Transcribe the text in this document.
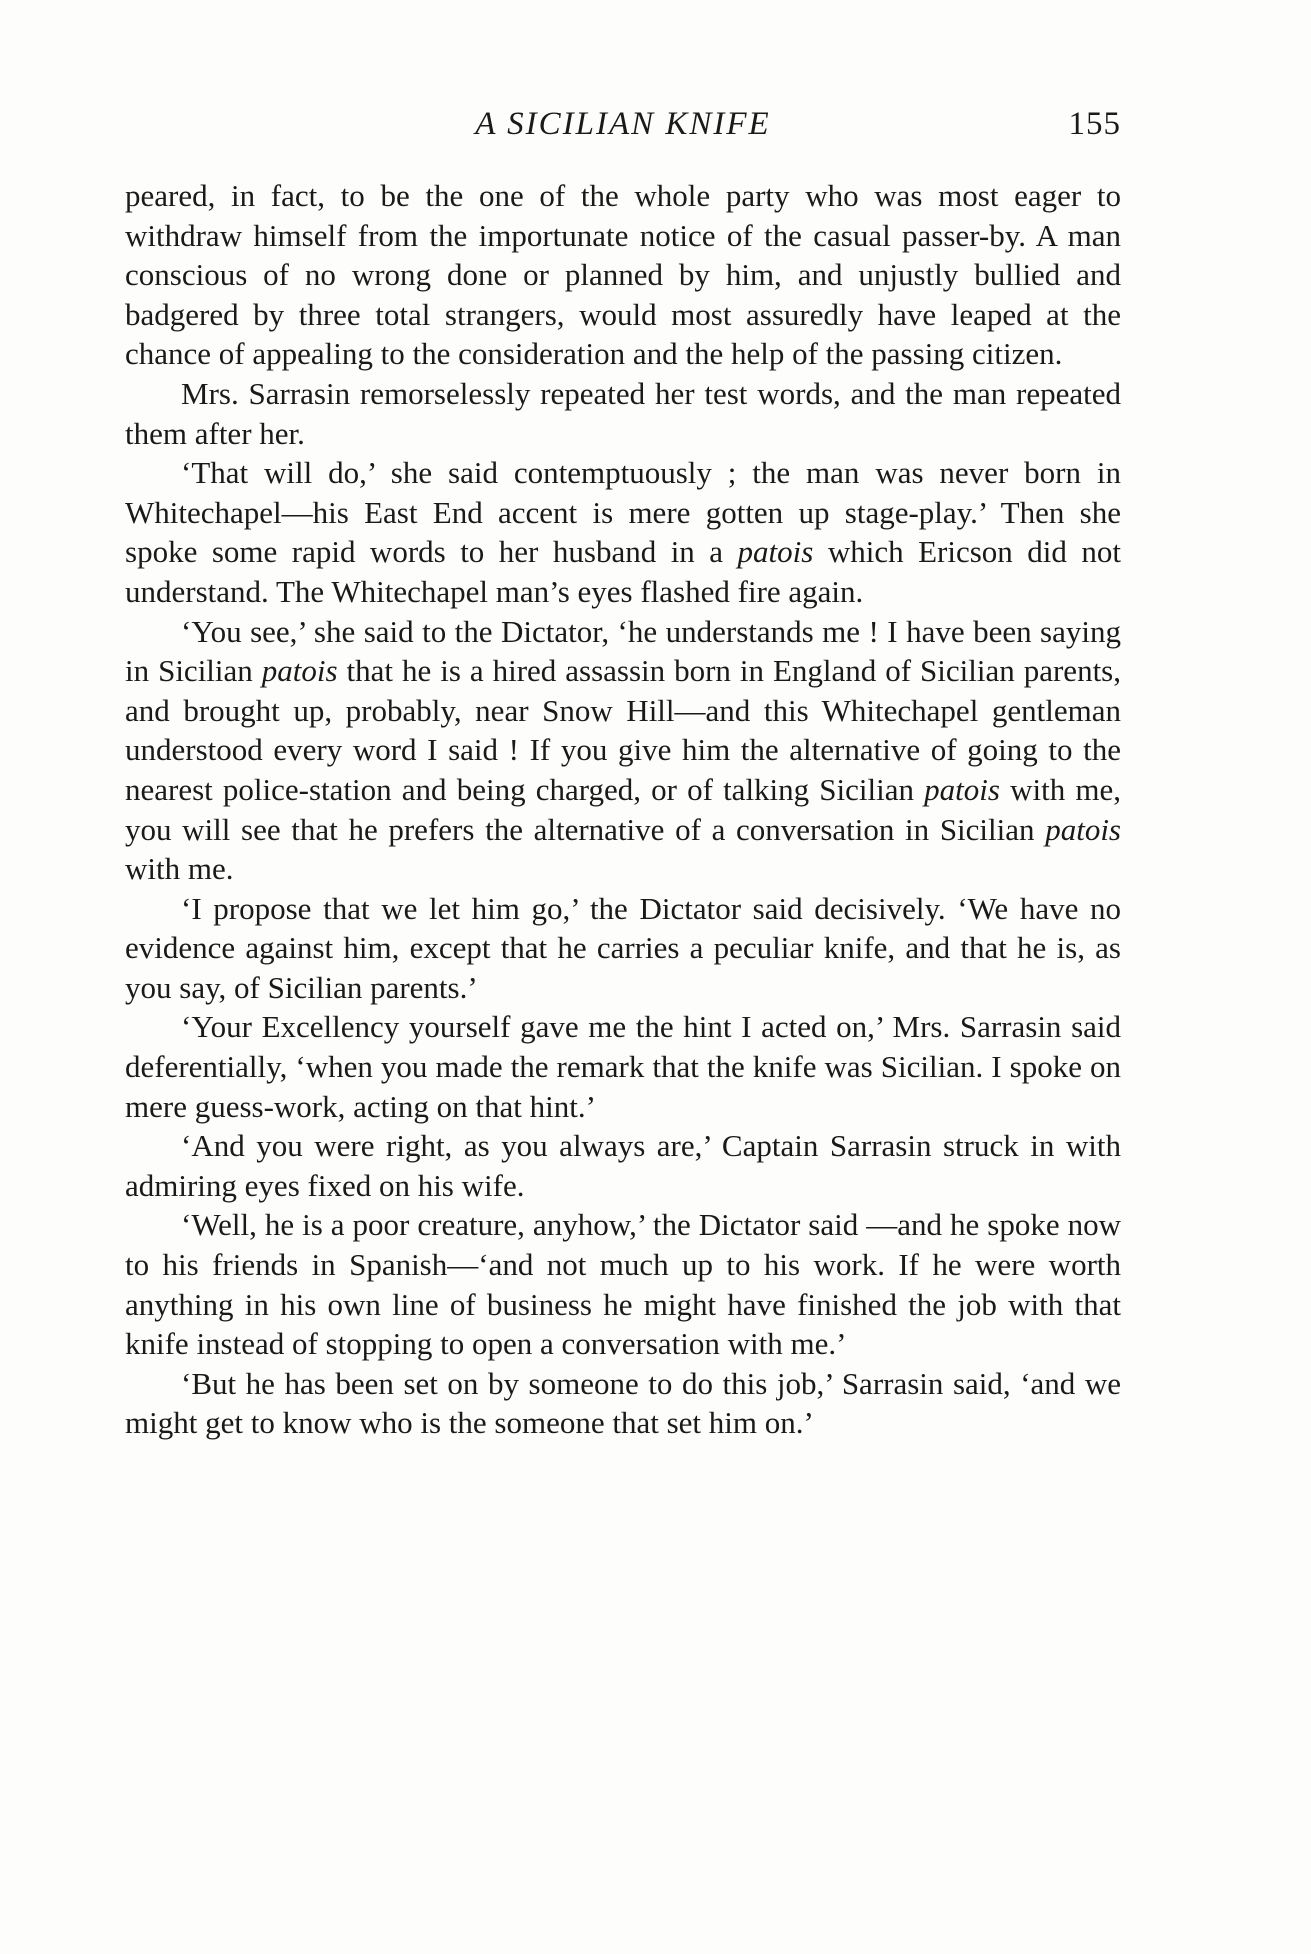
A SICILIAN KNIFE	155

peared, in fact, to be the one of the whole party who was most eager to withdraw himself from the importunate notice of the casual passer-by. A man conscious of no wrong done or planned by him, and unjustly bullied and badgered by three total strangers, would most assuredly have leaped at the chance of appealing to the consideration and the help of the passing citizen.

Mrs. Sarrasin remorselessly repeated her test words, and the man repeated them after her.

‘That will do,’ she said contemptuously ; the man was never born in Whitechapel—his East End accent is mere gotten up stage-play.’ Then she spoke some rapid words to her husband in a patois which Ericson did not understand. The Whitechapel man’s eyes flashed fire again.

‘You see,’ she said to the Dictator, ‘he understands me ! I have been saying in Sicilian patois that he is a hired assassin born in England of Sicilian parents, and brought up, probably, near Snow Hill—and this Whitechapel gentleman understood every word I said ! If you give him the alternative of going to the nearest police-station and being charged, or of talking Sicilian patois with me, you will see that he prefers the alternative of a conversation in Sicilian patois with me.

‘I propose that we let him go,’ the Dictator said decisively. ‘We have no evidence against him, except that he carries a peculiar knife, and that he is, as you say, of Sicilian parents.’

‘Your Excellency yourself gave me the hint I acted on,’ Mrs. Sarrasin said deferentially, ‘when you made the remark that the knife was Sicilian. I spoke on mere guess-work, acting on that hint.’

‘And you were right, as you always are,’ Captain Sarrasin struck in with admiring eyes fixed on his wife.

‘Well, he is a poor creature, anyhow,’ the Dictator said —and he spoke now to his friends in Spanish—‘and not much up to his work. If he were worth anything in his own line of business he might have finished the job with that knife instead of stopping to open a conversation with me.’

‘But he has been set on by someone to do this job,’ Sarrasin said, ‘and we might get to know who is the someone that set him on.’
